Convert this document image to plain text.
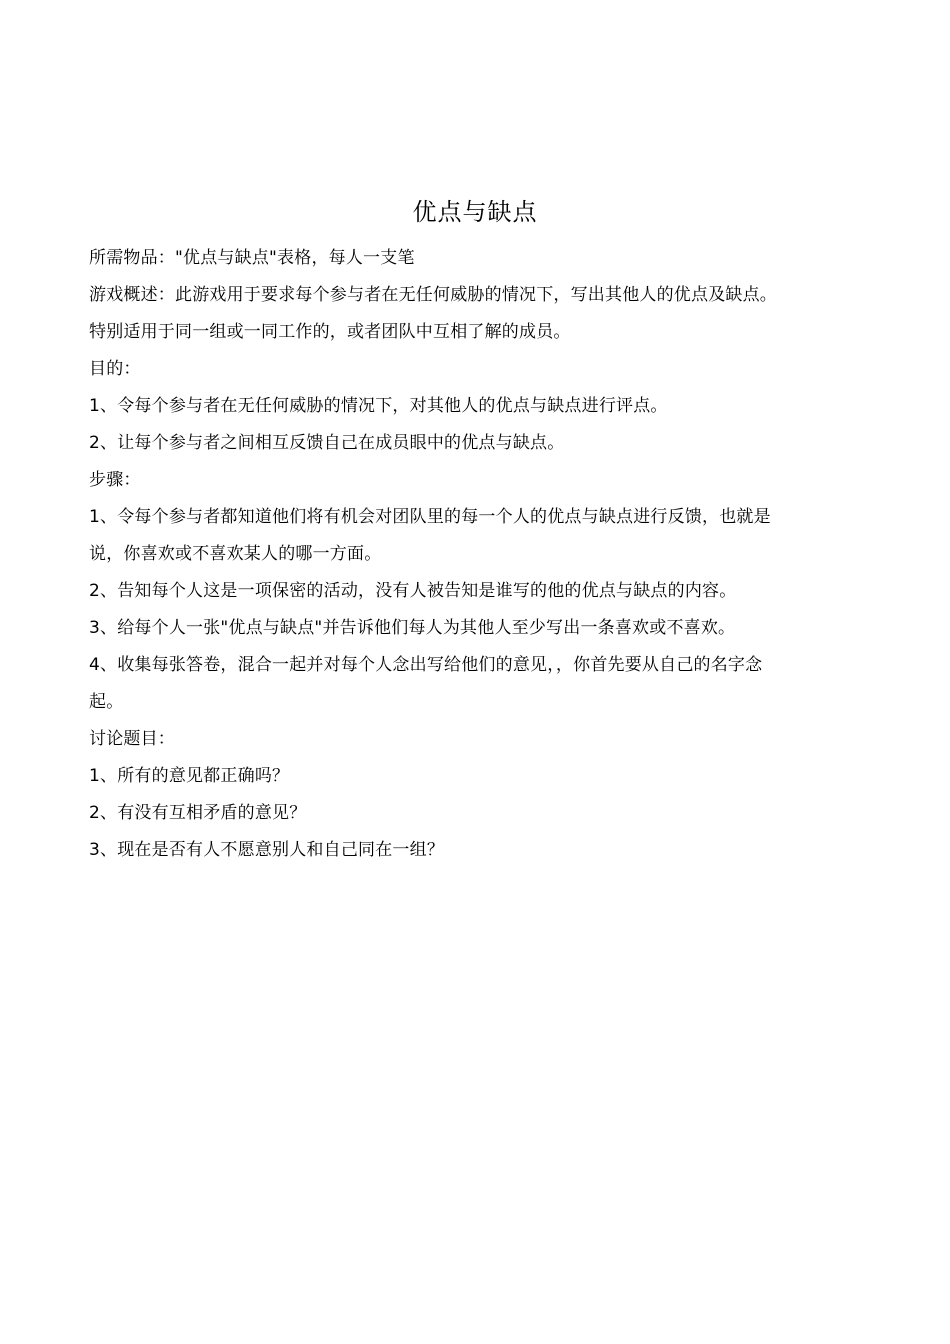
优点与缺点
所需物品："优点与缺点"表格，每人一支笔
游戏概述：此游戏用于要求每个参与者在无任何威胁的情况下，写出其他人的优点及缺点。
特别适用于同一组或一同工作的，或者团队中互相了解的成员。
目的：
1、令每个参与者在无任何威胁的情况下，对其他人的优点与缺点进行评点。
2、让每个参与者之间相互反馈自己在成员眼中的优点与缺点。
步骤：
1、令每个参与者都知道他们将有机会对团队里的每一个人的优点与缺点进行反馈，也就是
说，你喜欢或不喜欢某人的哪一方面。
2、告知每个人这是一项保密的活动，没有人被告知是谁写的他的优点与缺点的内容。
3、给每个人一张"优点与缺点"并告诉他们每人为其他人至少写出一条喜欢或不喜欢。
4、收集每张答卷，混合一起并对每个人念出写给他们的意见，，你首先要从自己的名字念
起。
讨论题目：
1、所有的意见都正确吗？
2、有没有互相矛盾的意见？
3、现在是否有人不愿意别人和自己同在一组？
